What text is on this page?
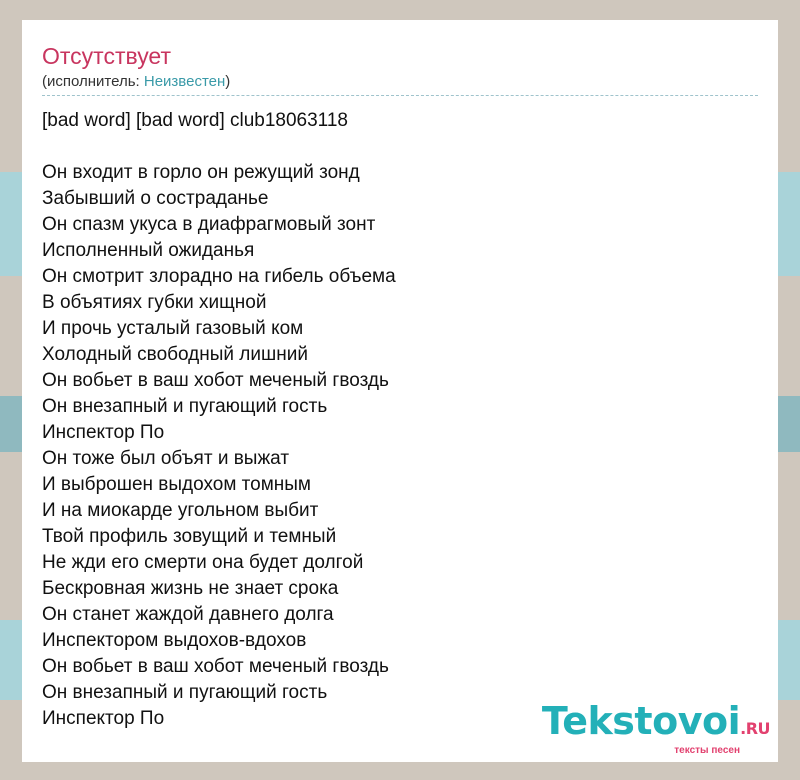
Отсутствует
(исполнитель: Неизвестен)
[bad word] [bad word] club18063118
Он входит в горло он режущий зонд
Забывший о состраданье
Он спазм укуса в диафрагмовый зонт
Исполненный ожиданья
Он смотрит злорадно на гибель объема
В объятиях губки хищной
И прочь усталый газовый ком
Холодный свободный лишний
Он вобьет в ваш хобот меченый гвоздь
Он внезапный и пугающий гость
Инспектор По
Он тоже был объят и выжат
И выброшен выдохом томным
И на миокарде угольном выбит
Твой профиль зовущий и темный
Не жди его смерти она будет долгой
Бескровная жизнь не знает срока
Он станет жаждой давнего долга
Инспектором выдохов-вдохов
Он вобьет в ваш хобот меченый гвоздь
Он внезапный и пугающий гость
Инспектор По	Tekstovoi.RU
тексты песен
